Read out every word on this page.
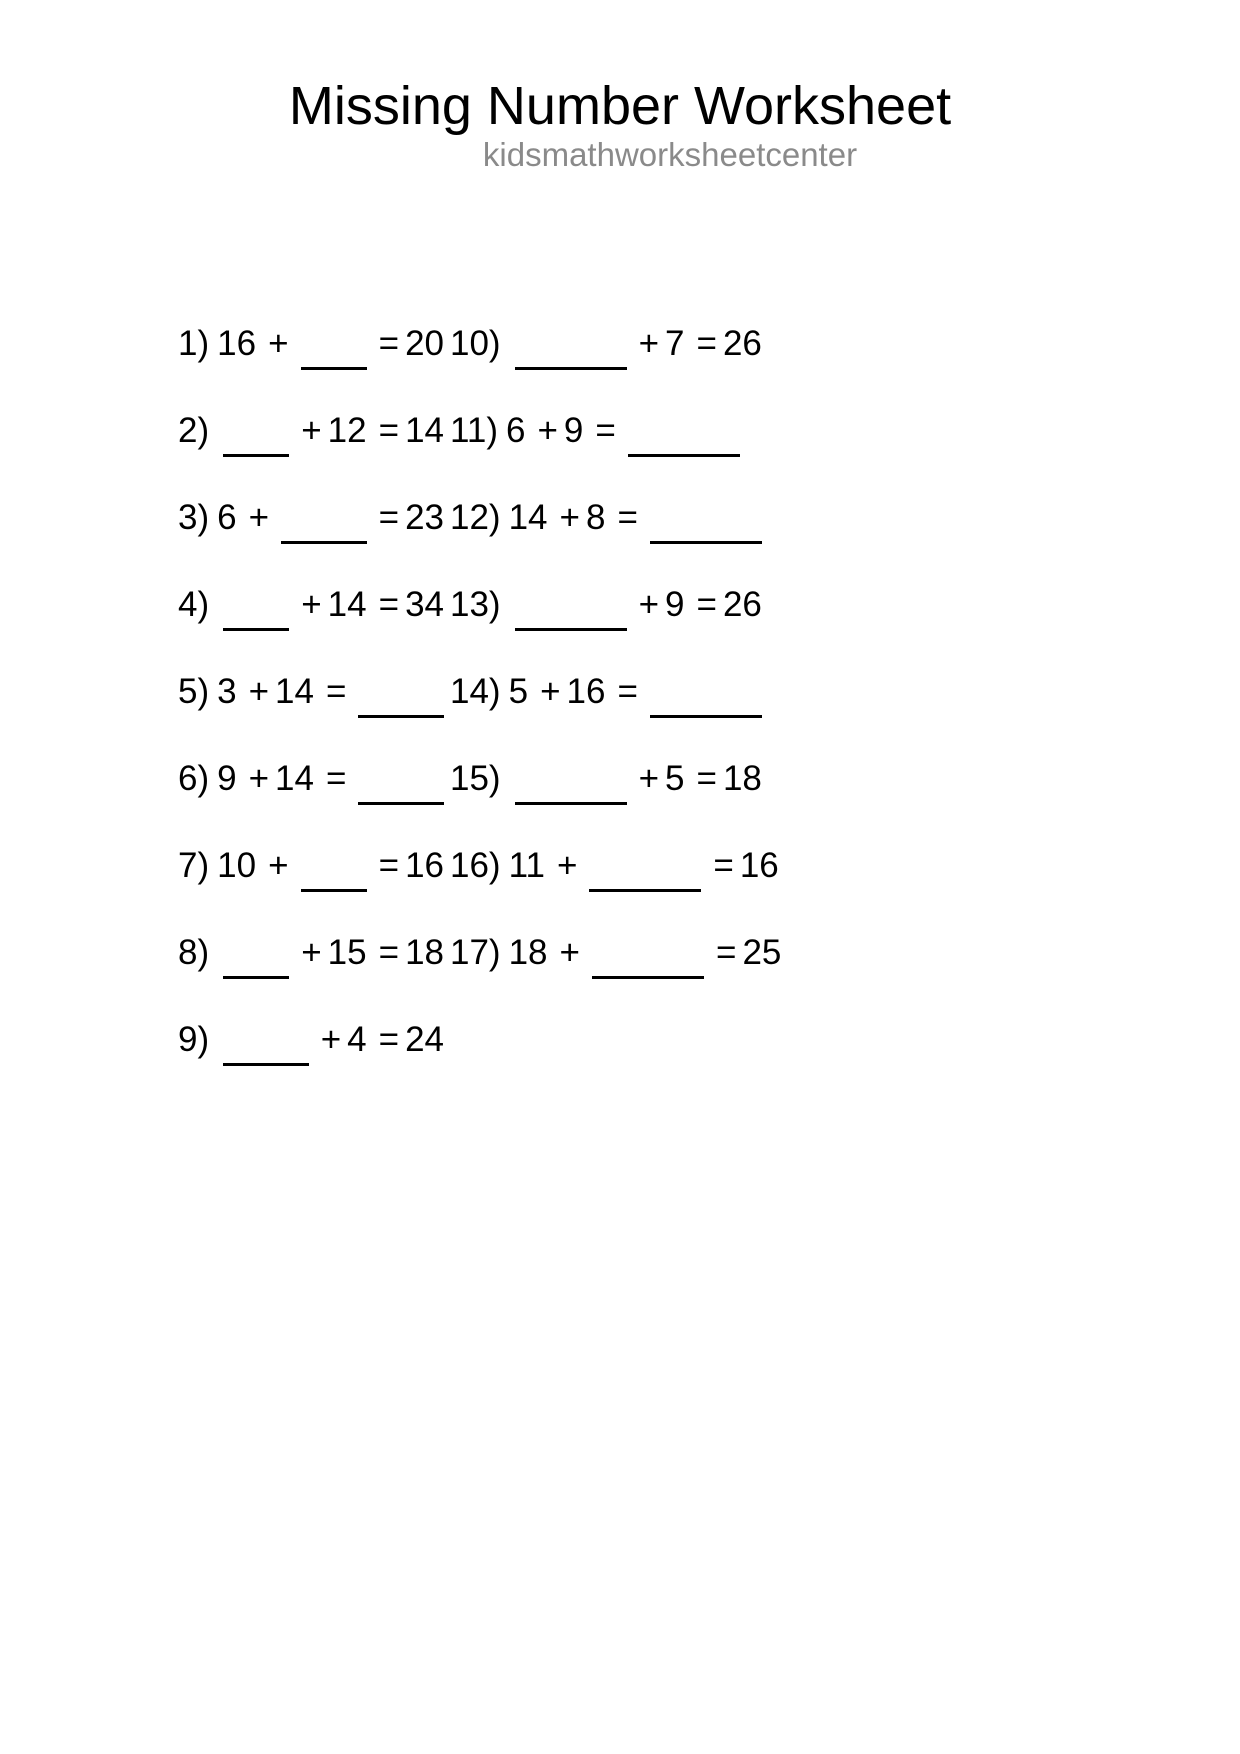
Missing Number Worksheet
kidsmathworksheetcenter
1) 16 +	= 20
2)	+ 12 = 14
3) 6 +	= 23
4)	+ 14 = 34
5) 3 + 14 =
6) 9 + 14 =
7) 10 +	= 16
8)	+ 15 = 18
9)	+ 4 = 24
10)	+ 7 = 26
11) 6 + 9 =
12) 14 + 8 =
13)	+ 9 = 26
14) 5 + 16 =
15)	+ 5 = 18
16) 11 +	= 16
17) 18 +	= 25
